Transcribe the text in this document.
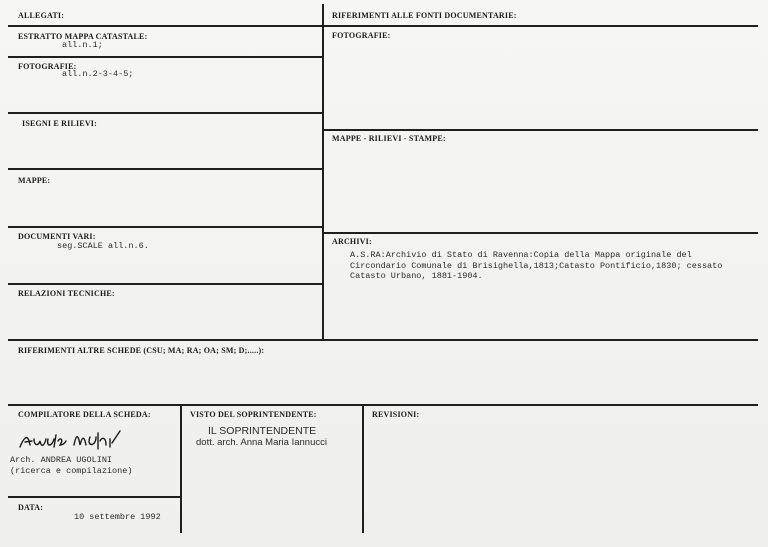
ALLEGATI:
ESTRATTO MAPPA CATASTALE:
all.n.1;
FOTOGRAFIE:
all.n.2-3-4-5;
ISEGNI E RILIEVI:
MAPPE:
DOCUMENTI VARI:
seg.SCALE all.n.6.
RELAZIONI TECNICHE:
RIFERIMENTI ALLE FONTI DOCUMENTARIE:
FOTOGRAFIE:
MAPPE - RILIEVI - STAMPE:
ARCHIVI:
A.S.RA:Archivio di Stato di Ravenna:Copia della Mappa originale del Circondario Comunale di Brisighella,1813;Catasto Pontificio,1830; cessato Catasto Urbano, 1881-1904.
RIFERIMENTI ALTRE SCHEDE (CSU; MA; RA; OA; SM; D;.....):
COMPILATORE DELLA SCHEDA:
Arch. ANDREA UGOLINI
(ricerca e compilazione)
DATA:
10 settembre 1992
VISTO DEL SOPRINTENDENTE:
IL SOPRINTENDENTE
dott. arch. Anna Maria Iannucci
REVISIONI:
